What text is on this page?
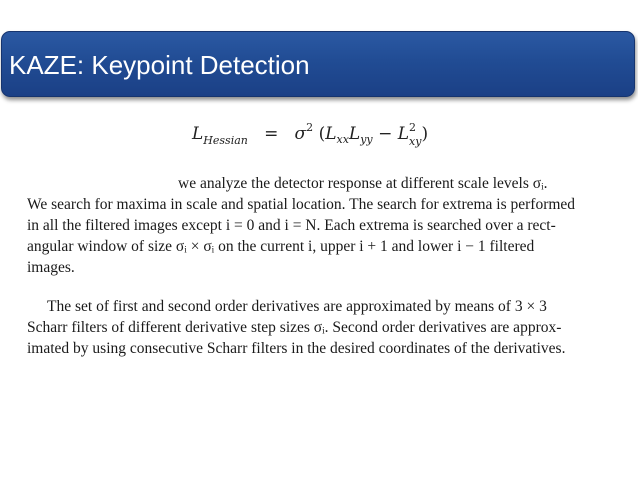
KAZE: Keypoint Detection
$L_{Hessian} = \sigma^2$ ($L_{xx}L_{yy} - L$ 2
xy )
we analyze the detector response at different scale levels σᵢ.
We search for maxima in scale and spatial location. The search for extrema is performed
in all the filtered images except i = 0 and i = N. Each extrema is searched over a rect-
angular window of size σᵢ × σᵢ on the current i, upper i + 1 and lower i − 1 filtered
images.
The set of first and second order derivatives are approximated by means of 3 × 3
Scharr filters of different derivative step sizes σᵢ. Second order derivatives are approx-
imated by using consecutive Scharr filters in the desired coordinates of the derivatives.
